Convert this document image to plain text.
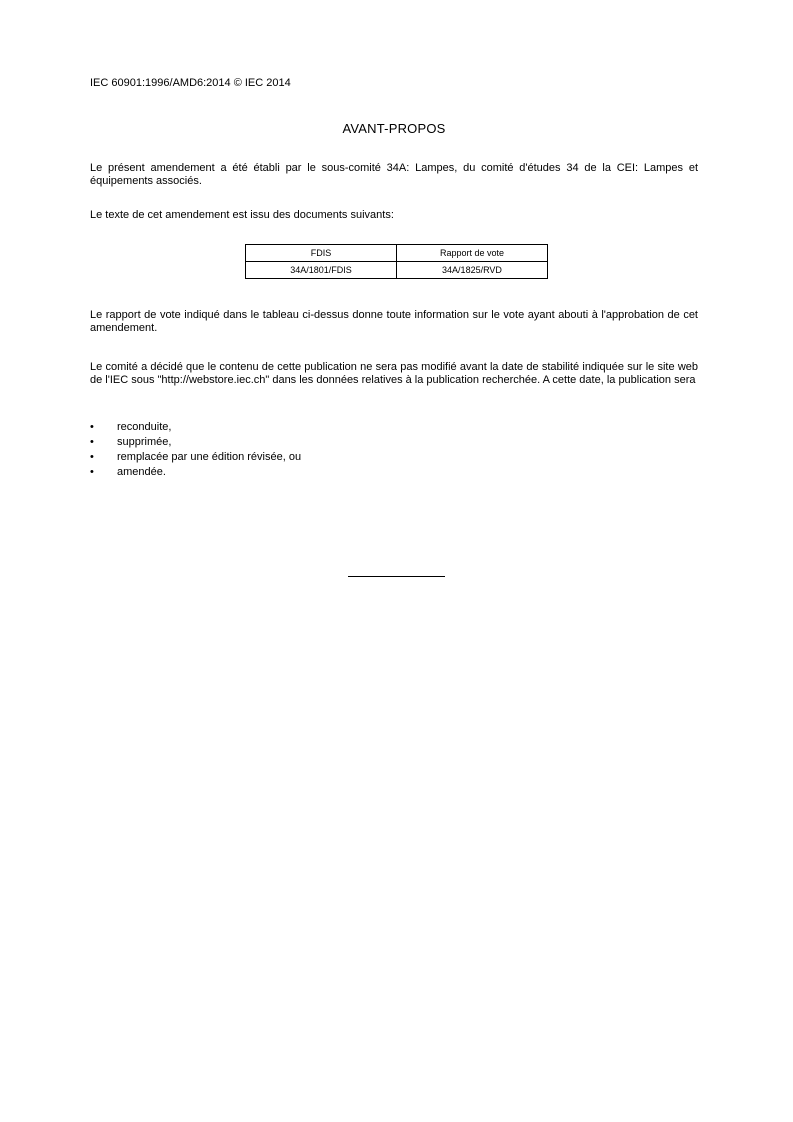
IEC 60901:1996/AMD6:2014 © IEC 2014
AVANT-PROPOS
Le présent amendement a été établi par le sous-comité 34A: Lampes, du comité d'études 34 de la CEI: Lampes et équipements associés.
Le texte de cet amendement est issu des documents suivants:
FDIS	Rapport de vote
34A/1801/FDIS	34A/1825/RVD
Le rapport de vote indiqué dans le tableau ci-dessus donne toute information sur le vote ayant abouti à l'approbation de cet amendement.
Le comité a décidé que le contenu de cette publication ne sera pas modifié avant la date de stabilité indiquée sur le site web de l'IEC sous "http://webstore.iec.ch" dans les données relatives à la publication recherchée. A cette date, la publication sera
• reconduite,
• supprimée,
• remplacée par une édition révisée, ou
• amendée.
